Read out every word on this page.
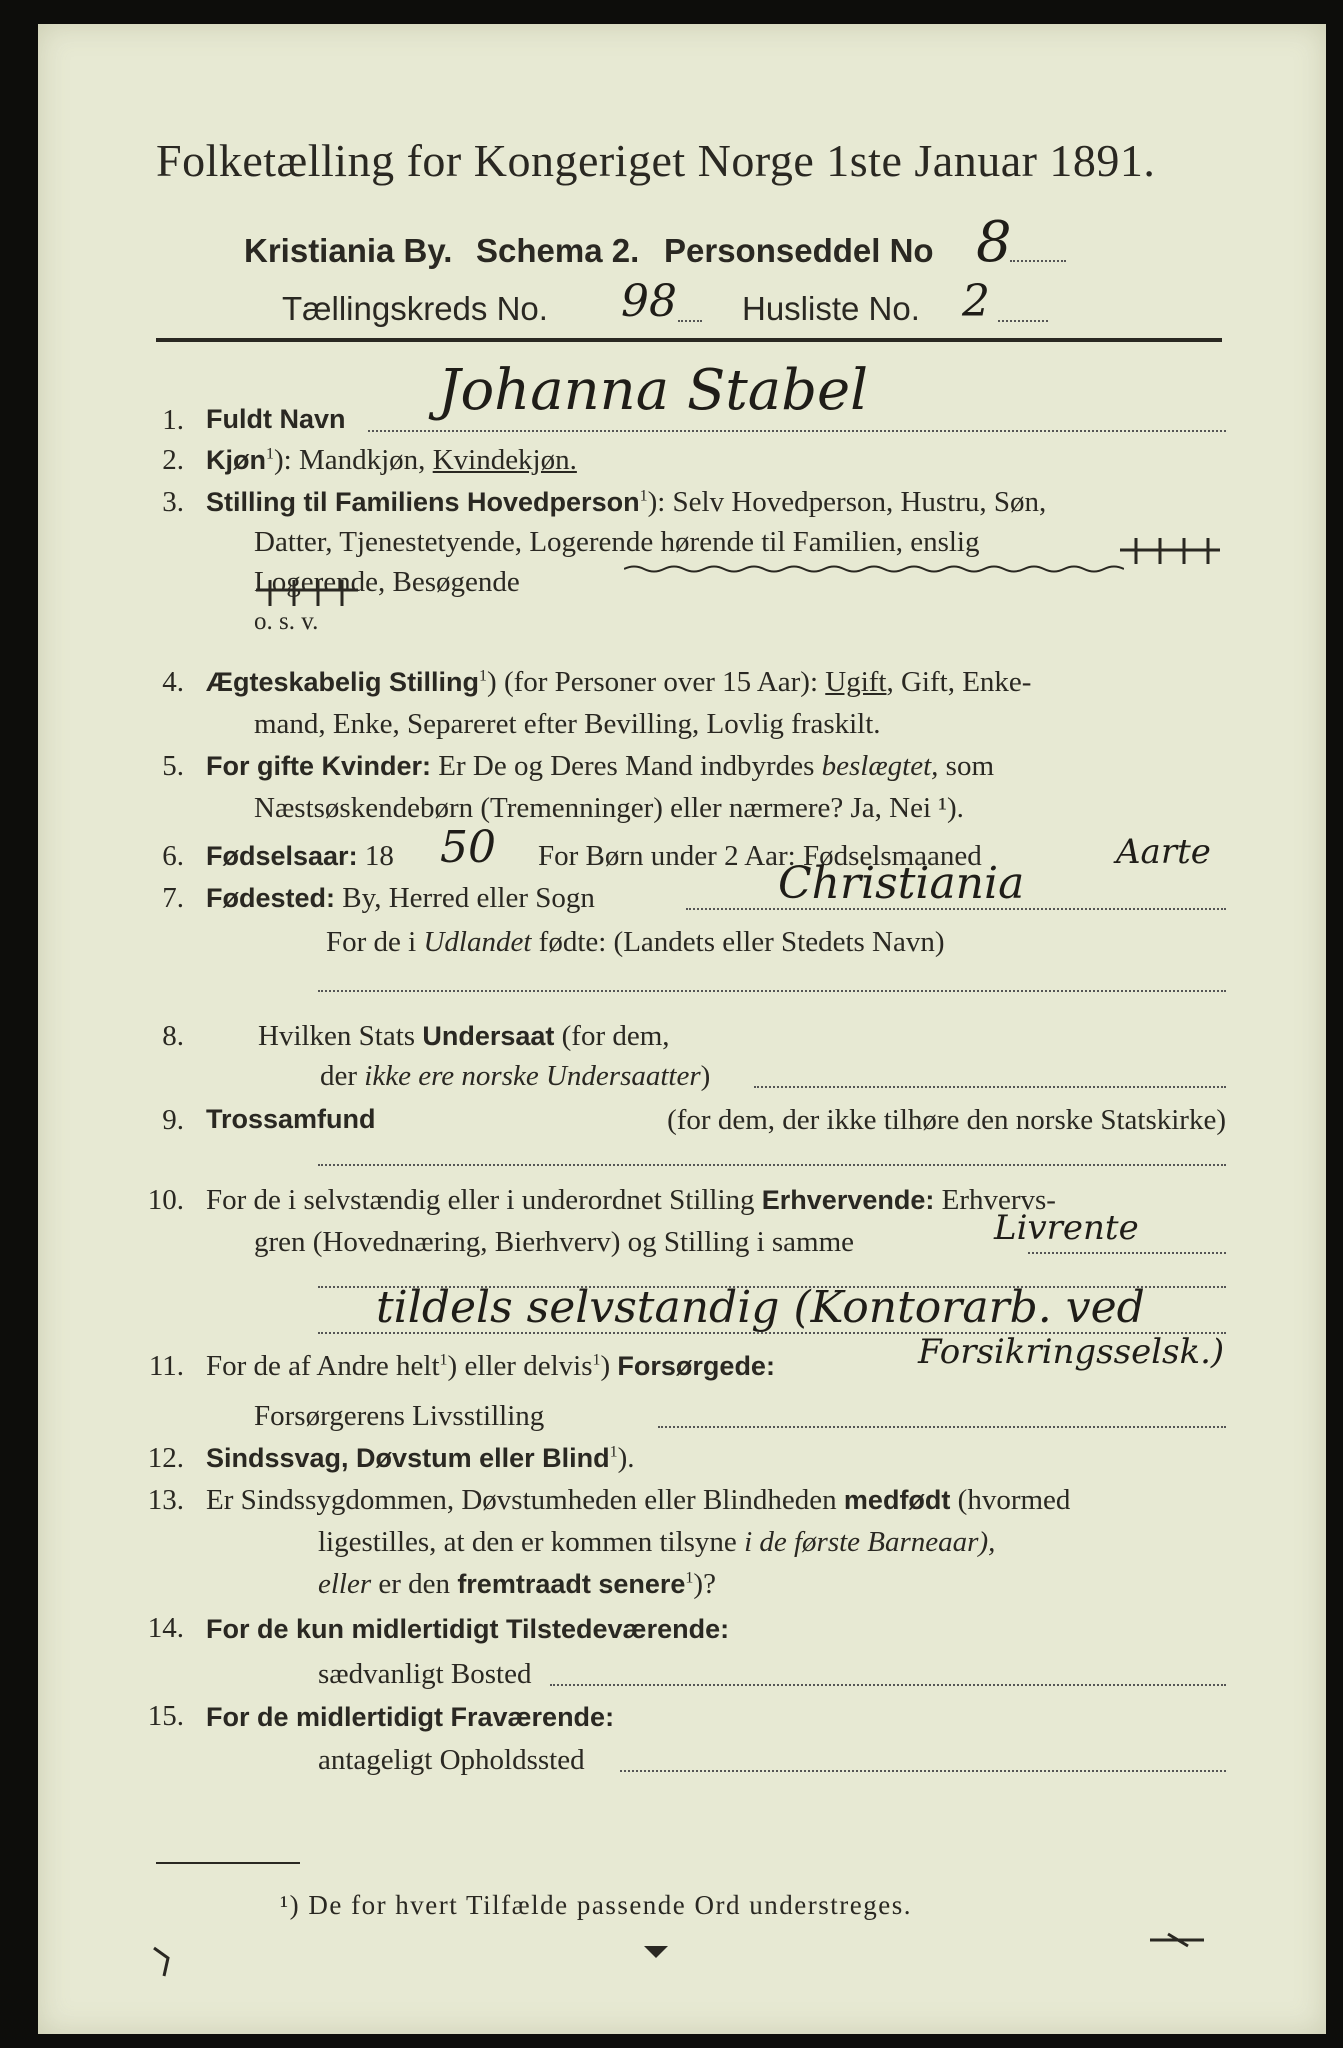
Folketælling for Kongeriget Norge 1ste Januar 1891.
Kristiania By. Schema 2. Personseddel No 8
Tællingskreds No. 98 Husliste No. 2
1. Fuldt Navn Johanna Stabel
2. Kjøn$^1$): Mandkjøn, Kvindekjøn.
3. Stilling til Familiens Hovedperson$^1$): Selv Hovedperson, Hustru, Søn,
Datter, Tjenestetyende, Logerende hørende til Familien, enslig
Logerende, Besøgende
o. s. v.
4. Ægteskabelig Stilling$^1$) (for Personer over 15 Aar): Ugift, Gift, Enke-
mand, Enke, Separeret efter Bevilling, Lovlig fraskilt.
5. For gifte Kvinder: Er De og Deres Mand indbyrdes beslægtet, som
Næstsøskendebørn (Tremenninger) eller nærmere? Ja, Nei ¹).
6. Fødselsaar: 18 50 For Børn under 2 Aar: Fødselsmaaned	Aarte
7. Fødested: By, Herred eller Sogn	Christiania
For de i Udlandet fødte: (Landets eller Stedets Navn)
8.	Hvilken Stats Undersaat (for dem,
der ikke ere norske Undersaatter)
9. Trossamfund	(for dem, der ikke tilhøre den norske Statskirke)
10. For de i selvstændig eller i underordnet Stilling Erhvervende: Erhvervs-
gren (Hovednæring, Bierhverv) og Stilling i samme	Livrente
tildels selvstandig (Kontorarb. ved
11. For de af Andre helt$^1$) eller delvis$^1$) Forsørgede:	Forsikringsselsk.)
Forsørgerens Livsstilling
12. Sindssvag, Døvstum eller Blind$^1$).
13. Er Sindssygdommen, Døvstumheden eller Blindheden medfødt (hvormed
ligestilles, at den er kommen tilsyne i de første Barneaar),
eller er den fremtraadt senere$^1$)?
14. For de kun midlertidigt Tilstedeværende:
sædvanligt Bosted
15. For de midlertidigt Fraværende:
antageligt Opholdssted
¹) De for hvert Tilfælde passende Ord understreges.
